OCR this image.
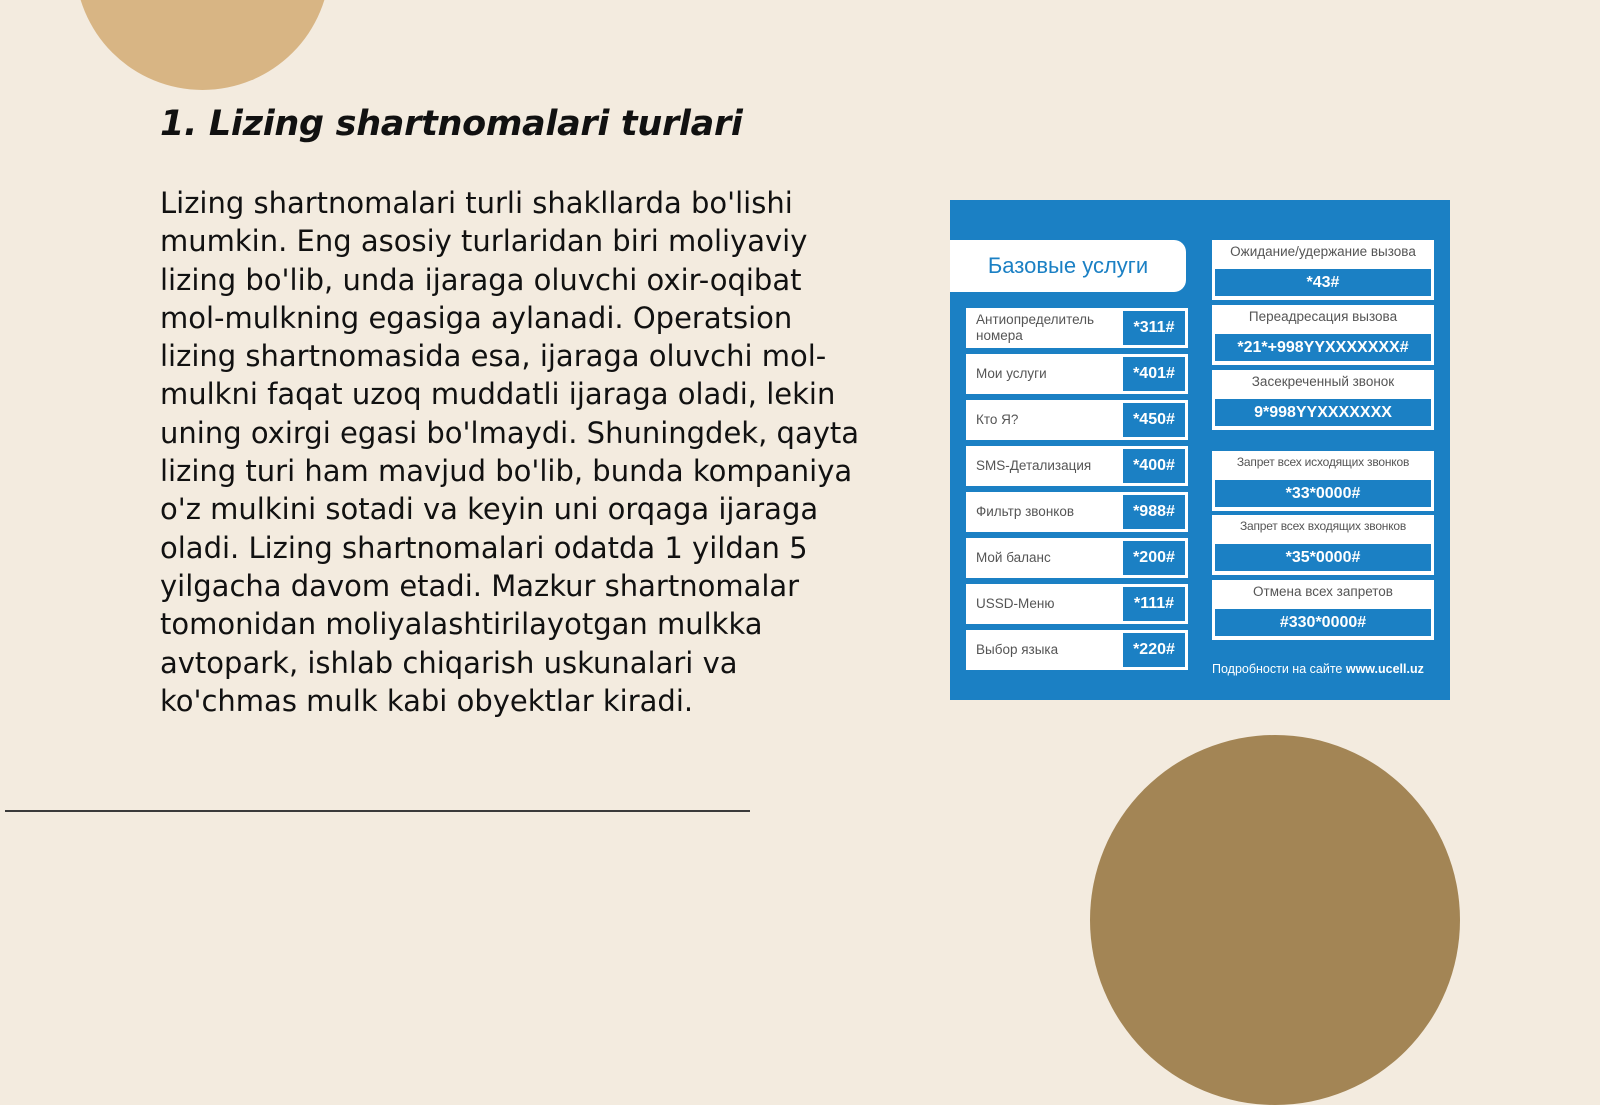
1. Lizing shartnomalari turlari

Lizing shartnomalari turli shakllarda bo'lishi mumkin. Eng asosiy turlaridan biri moliyaviy lizing bo'lib, unda ijaraga oluvchi oxir-oqibat mol-mulkning egasiga aylanadi. Operatsion lizing shartnomasida esa, ijaraga oluvchi mol-mulkni faqat uzoq muddatli ijaraga oladi, lekin uning oxirgi egasi bo'lmaydi. Shuningdek, qayta lizing turi ham mavjud bo'lib, bunda kompaniya o'z mulkini sotadi va keyin uni orqaga ijaraga oladi. Lizing shartnomalari odatda 1 yildan 5 yilgacha davom etadi. Mazkur shartnomalar tomonidan moliyalashtirilayotgan mulkka avtopark, ishlab chiqarish uskunalari va ko'chmas mulk kabi obyektlar kiradi.

Базовые услуги
Антиопределитель номера	*311#
Мои услуги	*401#
Кто Я?	*450#
SMS-Детализация	*400#
Фильтр звонков	*988#
Мой баланс	*200#
USSD-Меню	*111#
Выбор языка	*220#
Ожидание/удержание вызова
*43#
Переадресация вызова
*21*+998YYXXXXXXX#
Засекреченный звонок
9*998YYXXXXXXX
Запрет всех исходящих звонков
*33*0000#
Запрет всех входящих звонков
*35*0000#
Отмена всех запретов
#330*0000#
Подробности на сайте www.ucell.uz
